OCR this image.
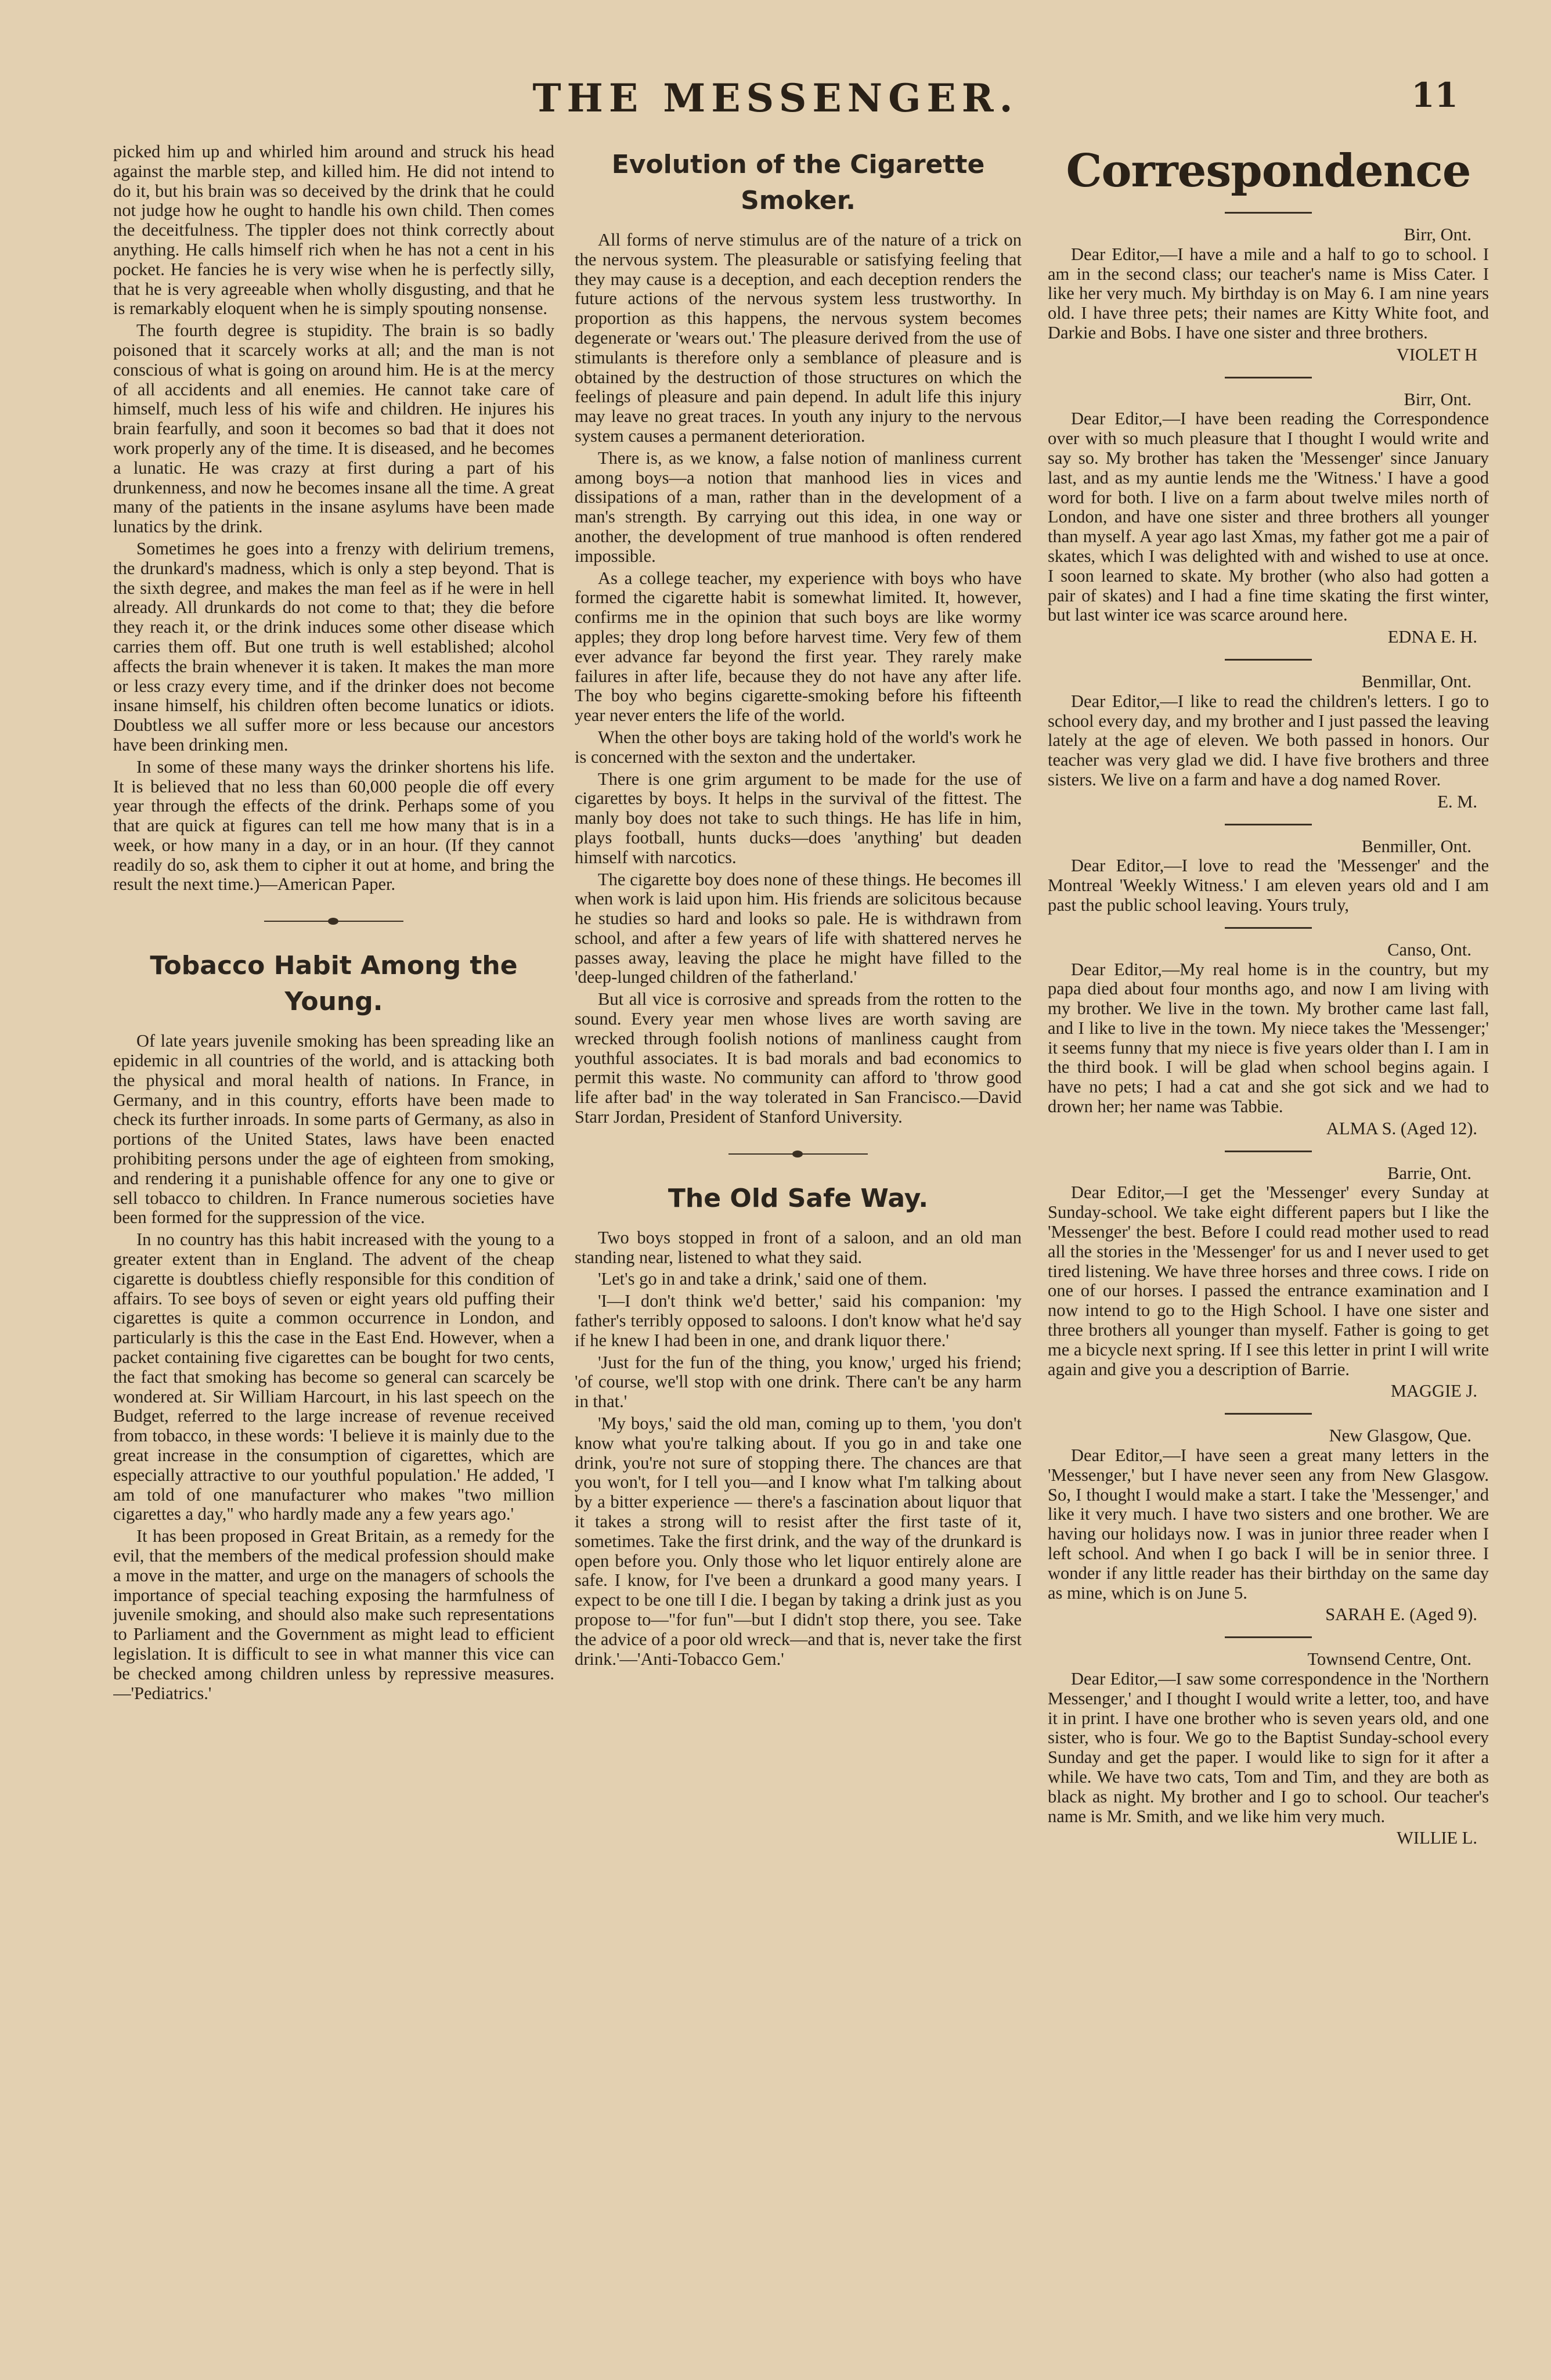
THE MESSENGER.	11

picked him up and whirled him around and struck his head against the marble step, and killed him. He did not intend to do it, but his brain was so deceived by the drink that he could not judge how he ought to handle his own child. Then comes the deceitfulness. The tippler does not think correctly about anything. He calls himself rich when he has not a cent in his pocket. He fancies he is very wise when he is perfectly silly, that he is very agreeable when wholly disgusting, and that he is remarkably eloquent when he is simply spouting nonsense.

The fourth degree is stupidity. The brain is so badly poisoned that it scarcely works at all; and the man is not conscious of what is going on around him. He is at the mercy of all accidents and all enemies. He cannot take care of himself, much less of his wife and children. He injures his brain fearfully, and soon it becomes so bad that it does not work properly any of the time. It is diseased, and he becomes a lunatic. He was crazy at first during a part of his drunkenness, and now he becomes insane all the time. A great many of the patients in the insane asylums have been made lunatics by the drink.

Sometimes he goes into a frenzy with delirium tremens, the drunkard's madness, which is only a step beyond. That is the sixth degree, and makes the man feel as if he were in hell already. All drunkards do not come to that; they die before they reach it, or the drink induces some other disease which carries them off. But one truth is well established; alcohol affects the brain whenever it is taken. It makes the man more or less crazy every time, and if the drinker does not become insane himself, his children often become lunatics or idiots. Doubtless we all suffer more or less because our ancestors have been drinking men.

In some of these many ways the drinker shortens his life. It is believed that no less than 60,000 people die off every year through the effects of the drink. Perhaps some of you that are quick at figures can tell me how many that is in a week, or how many in a day, or in an hour. (If they cannot readily do so, ask them to cipher it out at home, and bring the result the next time.)—American Paper.

Tobacco Habit Among the Young.

Of late years juvenile smoking has been spreading like an epidemic in all countries of the world, and is attacking both the physical and moral health of nations. In France, in Germany, and in this country, efforts have been made to check its further inroads. In some parts of Germany, as also in portions of the United States, laws have been enacted prohibiting persons under the age of eighteen from smoking, and rendering it a punishable offence for any one to give or sell tobacco to children. In France numerous societies have been formed for the suppression of the vice.

In no country has this habit increased with the young to a greater extent than in England. The advent of the cheap cigarette is doubtless chiefly responsible for this condition of affairs. To see boys of seven or eight years old puffing their cigarettes is quite a common occurrence in London, and particularly is this the case in the East End. However, when a packet containing five cigarettes can be bought for two cents, the fact that smoking has become so general can scarcely be wondered at. Sir William Harcourt, in his last speech on the Budget, referred to the large increase of revenue received from tobacco, in these words: 'I believe it is mainly due to the great increase in the consumption of cigarettes, which are especially attractive to our youthful population.' He added, 'I am told of one manufacturer who makes "two million cigarettes a day," who hardly made any a few years ago.'

It has been proposed in Great Britain, as a remedy for the evil, that the members of the medical profession should make a move in the matter, and urge on the managers of schools the importance of special teaching exposing the harmfulness of juvenile smoking, and should also make such representations to Parliament and the Government as might lead to efficient legislation. It is difficult to see in what manner this vice can be checked among children unless by repressive measures.—'Pediatrics.'

Evolution of the Cigarette Smoker.

All forms of nerve stimulus are of the nature of a trick on the nervous system. The pleasurable or satisfying feeling that they may cause is a deception, and each deception renders the future actions of the nervous system less trustworthy. In proportion as this happens, the nervous system becomes degenerate or 'wears out.' The pleasure derived from the use of stimulants is therefore only a semblance of pleasure and is obtained by the destruction of those structures on which the feelings of pleasure and pain depend. In adult life this injury may leave no great traces. In youth any injury to the nervous system causes a permanent deterioration.

There is, as we know, a false notion of manliness current among boys—a notion that manhood lies in vices and dissipations of a man, rather than in the development of a man's strength. By carrying out this idea, in one way or another, the development of true manhood is often rendered impossible.

As a college teacher, my experience with boys who have formed the cigarette habit is somewhat limited. It, however, confirms me in the opinion that such boys are like wormy apples; they drop long before harvest time. Very few of them ever advance far beyond the first year. They rarely make failures in after life, because they do not have any after life. The boy who begins cigarette-smoking before his fifteenth year never enters the life of the world.

When the other boys are taking hold of the world's work he is concerned with the sexton and the undertaker.

There is one grim argument to be made for the use of cigarettes by boys. It helps in the survival of the fittest. The manly boy does not take to such things. He has life in him, plays football, hunts ducks—does 'anything' but deaden himself with narcotics.

The cigarette boy does none of these things. He becomes ill when work is laid upon him. His friends are solicitous because he studies so hard and looks so pale. He is withdrawn from school, and after a few years of life with shattered nerves he passes away, leaving the place he might have filled to the 'deep-lunged children of the fatherland.'

But all vice is corrosive and spreads from the rotten to the sound. Every year men whose lives are worth saving are wrecked through foolish notions of manliness caught from youthful associates. It is bad morals and bad economics to permit this waste. No community can afford to 'throw good life after bad' in the way tolerated in San Francisco.—David Starr Jordan, President of Stanford University.

The Old Safe Way.

Two boys stopped in front of a saloon, and an old man standing near, listened to what they said.

'Let's go in and take a drink,' said one of them.

'I—I don't think we'd better,' said his companion: 'my father's terribly opposed to saloons. I don't know what he'd say if he knew I had been in one, and drank liquor there.'

'Just for the fun of the thing, you know,' urged his friend; 'of course, we'll stop with one drink. There can't be any harm in that.'

'My boys,' said the old man, coming up to them, 'you don't know what you're talking about. If you go in and take one drink, you're not sure of stopping there. The chances are that you won't, for I tell you—and I know what I'm talking about by a bitter experience — there's a fascination about liquor that it takes a strong will to resist after the first taste of it, sometimes. Take the first drink, and the way of the drunkard is open before you. Only those who let liquor entirely alone are safe. I know, for I've been a drunkard a good many years. I expect to be one till I die. I began by taking a drink just as you propose to—"for fun"—but I didn't stop there, you see. Take the advice of a poor old wreck—and that is, never take the first drink.'—'Anti-Tobacco Gem.'

Correspondence

Birr, Ont.

Dear Editor,—I have a mile and a half to go to school. I am in the second class; our teacher's name is Miss Cater. I like her very much. My birthday is on May 6. I am nine years old. I have three pets; their names are Kitty White foot, and Darkie and Bobs. I have one sister and three brothers.

VIOLET H

Birr, Ont.

Dear Editor,—I have been reading the Correspondence over with so much pleasure that I thought I would write and say so. My brother has taken the 'Messenger' since January last, and as my auntie lends me the 'Witness.' I have a good word for both. I live on a farm about twelve miles north of London, and have one sister and three brothers all younger than myself. A year ago last Xmas, my father got me a pair of skates, which I was delighted with and wished to use at once. I soon learned to skate. My brother (who also had gotten a pair of skates) and I had a fine time skating the first winter, but last winter ice was scarce around here.

EDNA E. H.

Benmillar, Ont.

Dear Editor,—I like to read the children's letters. I go to school every day, and my brother and I just passed the leaving lately at the age of eleven. We both passed in honors. Our teacher was very glad we did. I have five brothers and three sisters. We live on a farm and have a dog named Rover.

E. M.

Benmiller, Ont.

Dear Editor,—I love to read the 'Messenger' and the Montreal 'Weekly Witness.' I am eleven years old and I am past the public school leaving. Yours truly,

Canso, Ont.

Dear Editor,—My real home is in the country, but my papa died about four months ago, and now I am living with my brother. We live in the town. My brother came last fall, and I like to live in the town. My niece takes the 'Messenger;' it seems funny that my niece is five years older than I. I am in the third book. I will be glad when school begins again. I have no pets; I had a cat and she got sick and we had to drown her; her name was Tabbie.

ALMA S. (Aged 12).

Barrie, Ont.

Dear Editor,—I get the 'Messenger' every Sunday at Sunday-school. We take eight different papers but I like the 'Messenger' the best. Before I could read mother used to read all the stories in the 'Messenger' for us and I never used to get tired listening. We have three horses and three cows. I ride on one of our horses. I passed the entrance examination and I now intend to go to the High School. I have one sister and three brothers all younger than myself. Father is going to get me a bicycle next spring. If I see this letter in print I will write again and give you a description of Barrie.

MAGGIE J.

New Glasgow, Que.

Dear Editor,—I have seen a great many letters in the 'Messenger,' but I have never seen any from New Glasgow. So, I thought I would make a start. I take the 'Messenger,' and like it very much. I have two sisters and one brother. We are having our holidays now. I was in junior three reader when I left school. And when I go back I will be in senior three. I wonder if any little reader has their birthday on the same day as mine, which is on June 5.

SARAH E. (Aged 9).

Townsend Centre, Ont.

Dear Editor,—I saw some correspondence in the 'Northern Messenger,' and I thought I would write a letter, too, and have it in print. I have one brother who is seven years old, and one sister, who is four. We go to the Baptist Sunday-school every Sunday and get the paper. I would like to sign for it after a while. We have two cats, Tom and Tim, and they are both as black as night. My brother and I go to school. Our teacher's name is Mr. Smith, and we like him very much.

WILLIE L.
